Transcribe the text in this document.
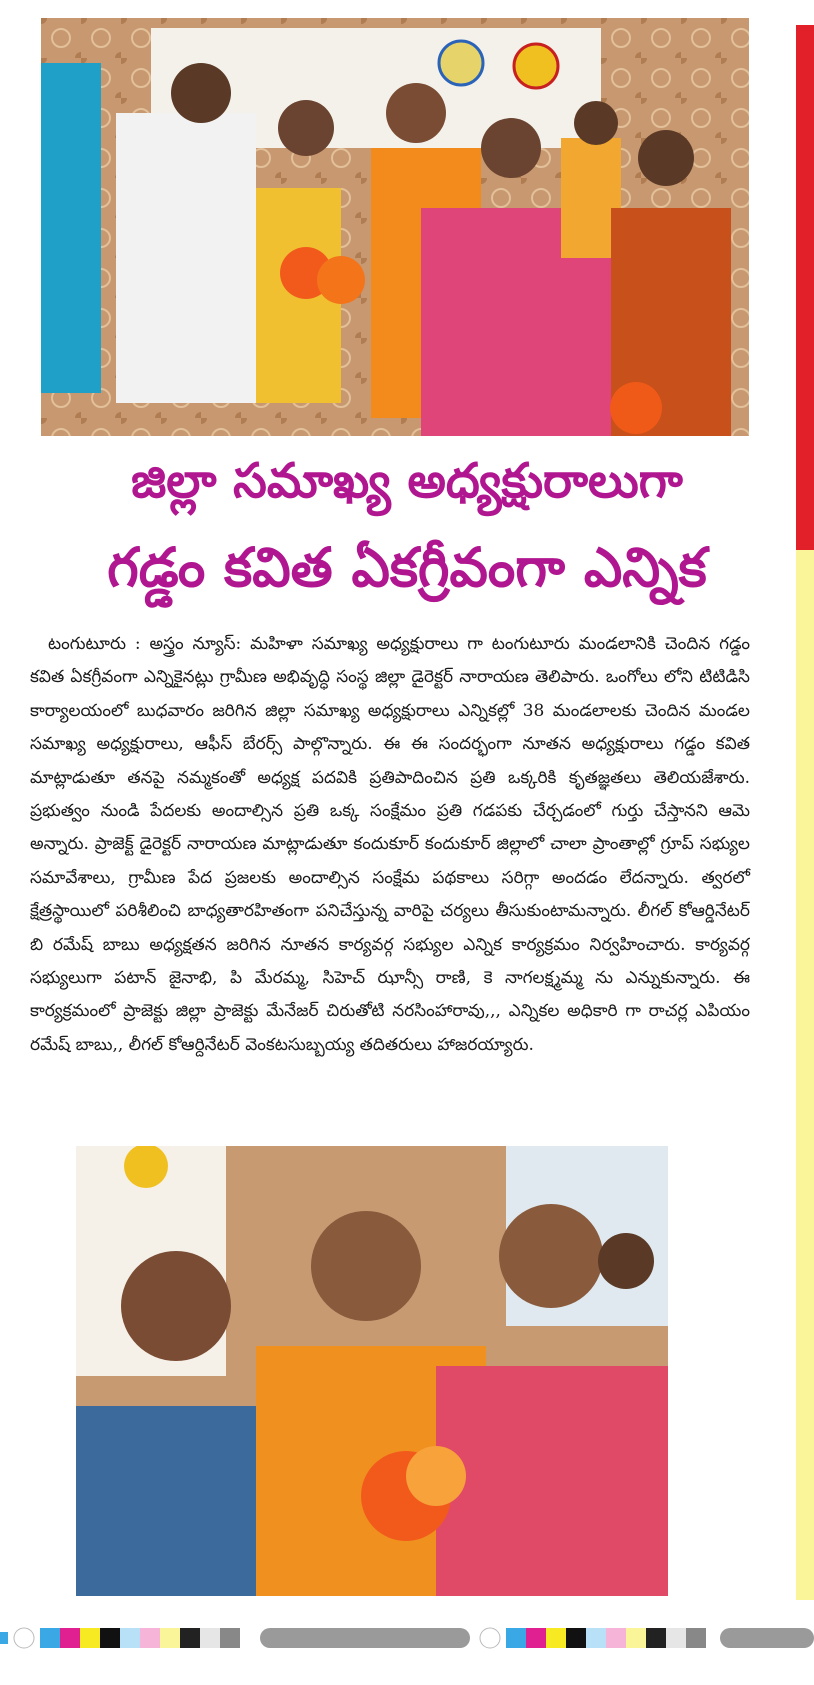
జిల్లా సమాఖ్య అధ్యక్షురాలుగా
గడ్డం కవిత ఏకగ్రీవంగా ఎన్నిక
టంగుటూరు : అస్త్రం న్యూస్: మహిళా సమాఖ్య అధ్యక్షురాలు గా టంగుటూరు మండలానికి చెందిన గడ్డం కవిత ఏకగ్రీవంగా ఎన్నికైనట్లు గ్రామీణ అభివృద్ధి సంస్థ జిల్లా డైరెక్టర్ నారాయణ తెలిపారు. ఒంగోలు లోని టిటిడిసి కార్యాలయంలో బుధవారం జరిగిన జిల్లా సమాఖ్య అధ్యక్షురాలు ఎన్నికల్లో 38 మండలాలకు చెందిన మండల సమాఖ్య అధ్యక్షురాలు, ఆఫీస్ బేరర్స్ పాల్గొన్నారు. ఈ ఈ సందర్భంగా నూతన అధ్యక్షురాలు గడ్డం కవిత మాట్లాడుతూ తనపై నమ్మకంతో అధ్యక్ష పదవికి ప్రతిపాదించిన ప్రతి ఒక్కరికి కృతజ్ఞతలు తెలియజేశారు. ప్రభుత్వం నుండి పేదలకు అందాల్సిన ప్రతి ఒక్క సంక్షేమం ప్రతి గడపకు చేర్చడంలో గుర్తు చేస్తానని ఆమె అన్నారు. ప్రాజెక్ట్ డైరెక్టర్ నారాయణ మాట్లాడుతూ కందుకూర్ కందుకూర్ జిల్లాలో చాలా ప్రాంతాల్లో గ్రూప్ సభ్యుల సమావేశాలు, గ్రామీణ పేద ప్రజలకు అందాల్సిన సంక్షేమ పథకాలు సరిగ్గా అందడం లేదన్నారు. త్వరలో క్షేత్రస్థాయిలో పరిశీలించి బాధ్యతారహితంగా పనిచేస్తున్న వారిపై చర్యలు తీసుకుంటామన్నారు. లీగల్ కోఆర్డినేటర్ బి రమేష్ బాబు అధ్యక్షతన జరిగిన నూతన కార్యవర్గ సభ్యుల ఎన్నిక కార్యక్రమం నిర్వహించారు. కార్యవర్గ సభ్యులుగా పటాన్ జైనాభి, పి మేరమ్మ, సిహెచ్ ఝాన్సీ రాణి, కె నాగలక్ష్మమ్మ ను ఎన్నుకున్నారు. ఈ కార్యక్రమంలో ప్రాజెక్టు జిల్లా ప్రాజెక్టు మేనేజర్ చిరుతోటి నరసింహారావు,,, ఎన్నికల అధికారి గా రాచర్ల ఎపియం రమేష్ బాబు,, లీగల్ కోఆర్దినేటర్ వెంకటసుబ్బయ్య తదితరులు హాజరయ్యారు.
